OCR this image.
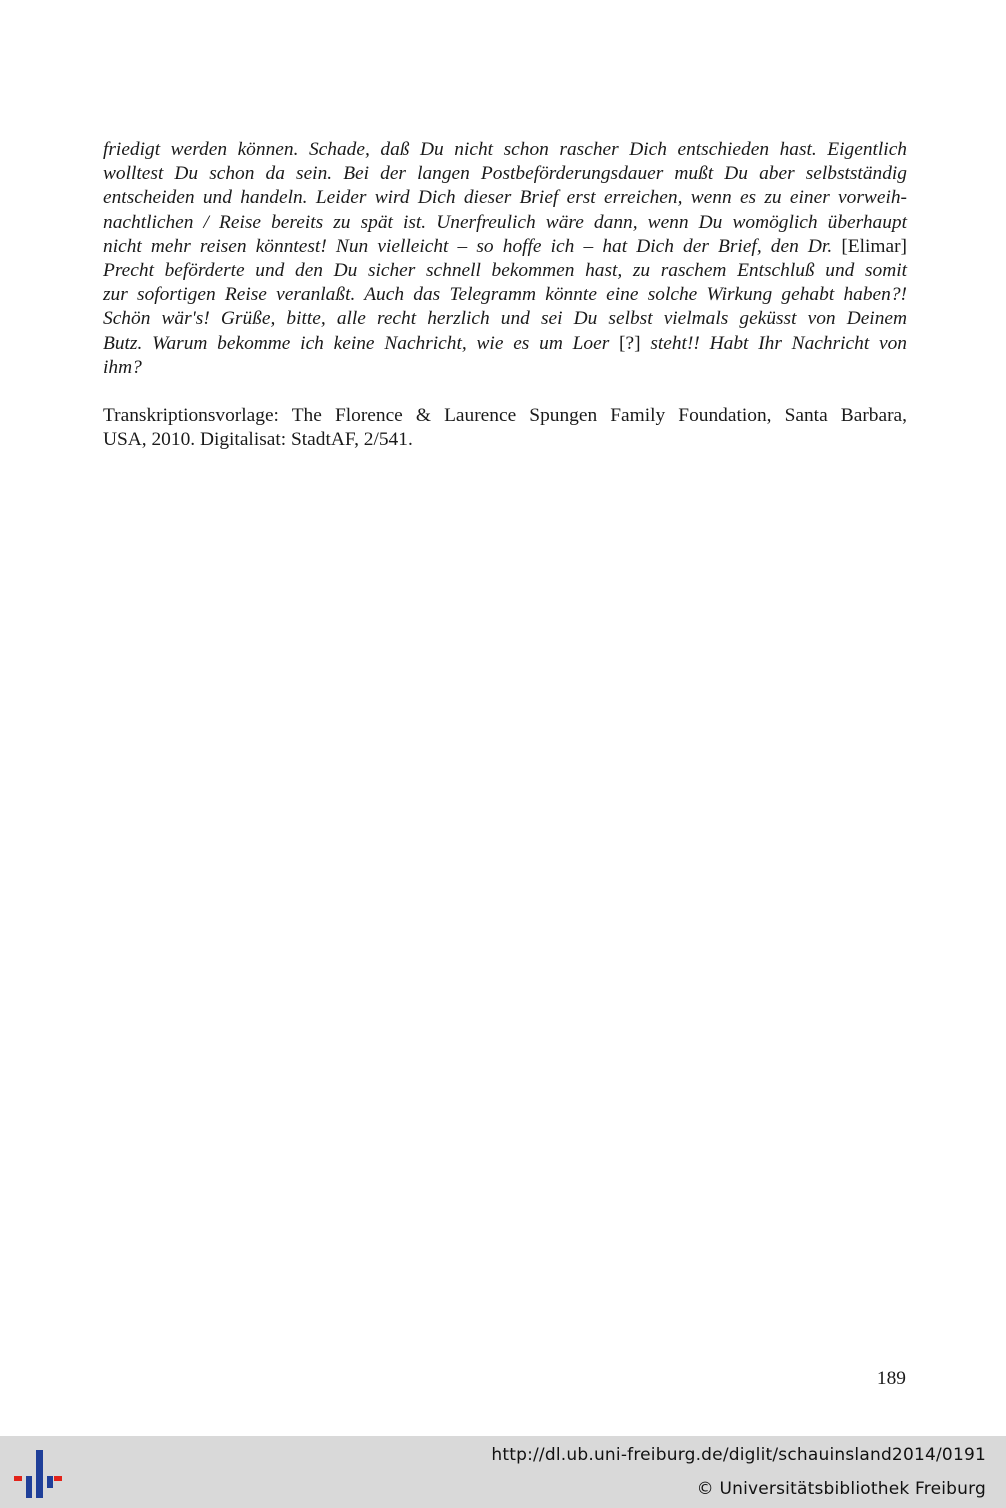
friedigt werden können. Schade, daß Du nicht schon rascher Dich entschieden hast. Eigentlich
wolltest Du schon da sein. Bei der langen Postbeförderungsdauer mußt Du aber selbstständig
entscheiden und handeln. Leider wird Dich dieser Brief erst erreichen, wenn es zu einer vorweih-
nachtlichen / Reise bereits zu spät ist. Unerfreulich wäre dann, wenn Du womöglich überhaupt
nicht mehr reisen könntest! Nun vielleicht – so hoffe ich – hat Dich der Brief, den Dr. [Elimar]
Precht beförderte und den Du sicher schnell bekommen hast, zu raschem Entschluß und somit
zur sofortigen Reise veranlaßt. Auch das Telegramm könnte eine solche Wirkung gehabt haben?!
Schön wär's! Grüße, bitte, alle recht herzlich und sei Du selbst vielmals geküsst von Deinem
Butz. Warum bekomme ich keine Nachricht, wie es um Loer [?] steht!! Habt Ihr Nachricht von
ihm?
Transkriptionsvorlage: The Florence & Laurence Spungen Family Foundation, Santa Barbara,
USA, 2010. Digitalisat: StadtAF, 2/541.
189
http://dl.ub.uni-freiburg.de/diglit/schauinsland2014/0191
© Universitätsbibliothek Freiburg
